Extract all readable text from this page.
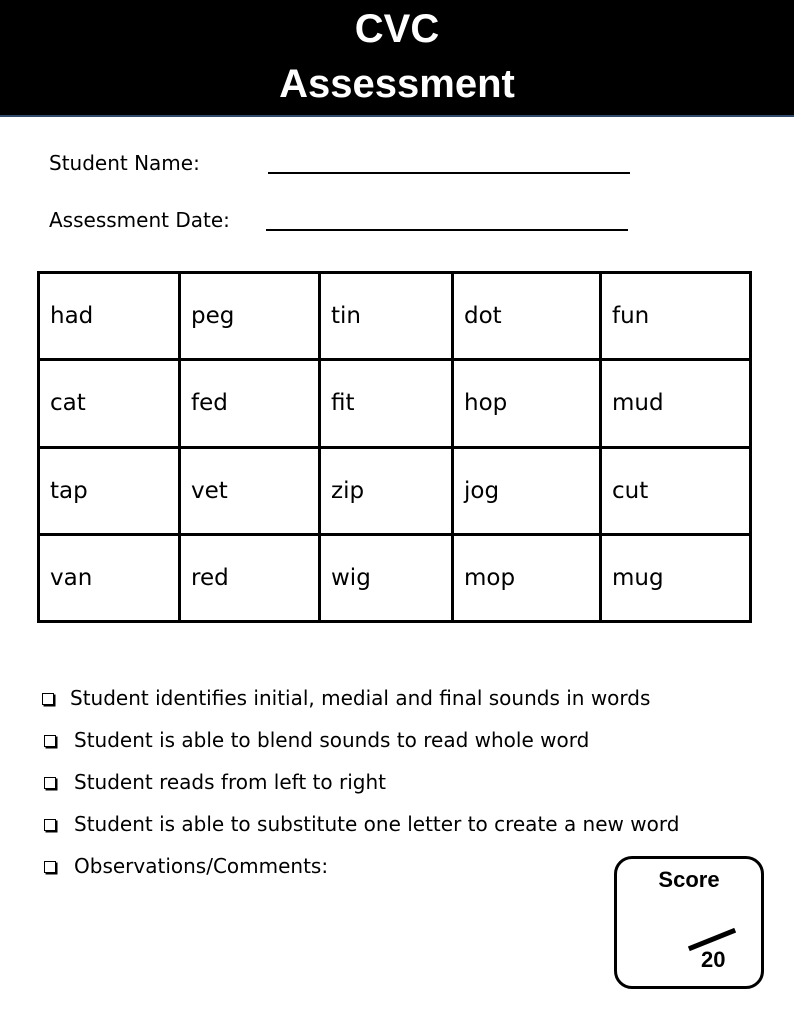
CVC
Assessment
Student Name:
Assessment Date:
had	peg	tin	dot	fun
cat	fed	fit	hop	mud
tap	vet	zip	jog	cut
van	red	wig	mop	mug
Student identifies initial, medial and final sounds in words
Student is able to blend sounds to read whole word
Student reads from left to right
Student is able to substitute one letter to create a new word
Observations/Comments:
Score
20
